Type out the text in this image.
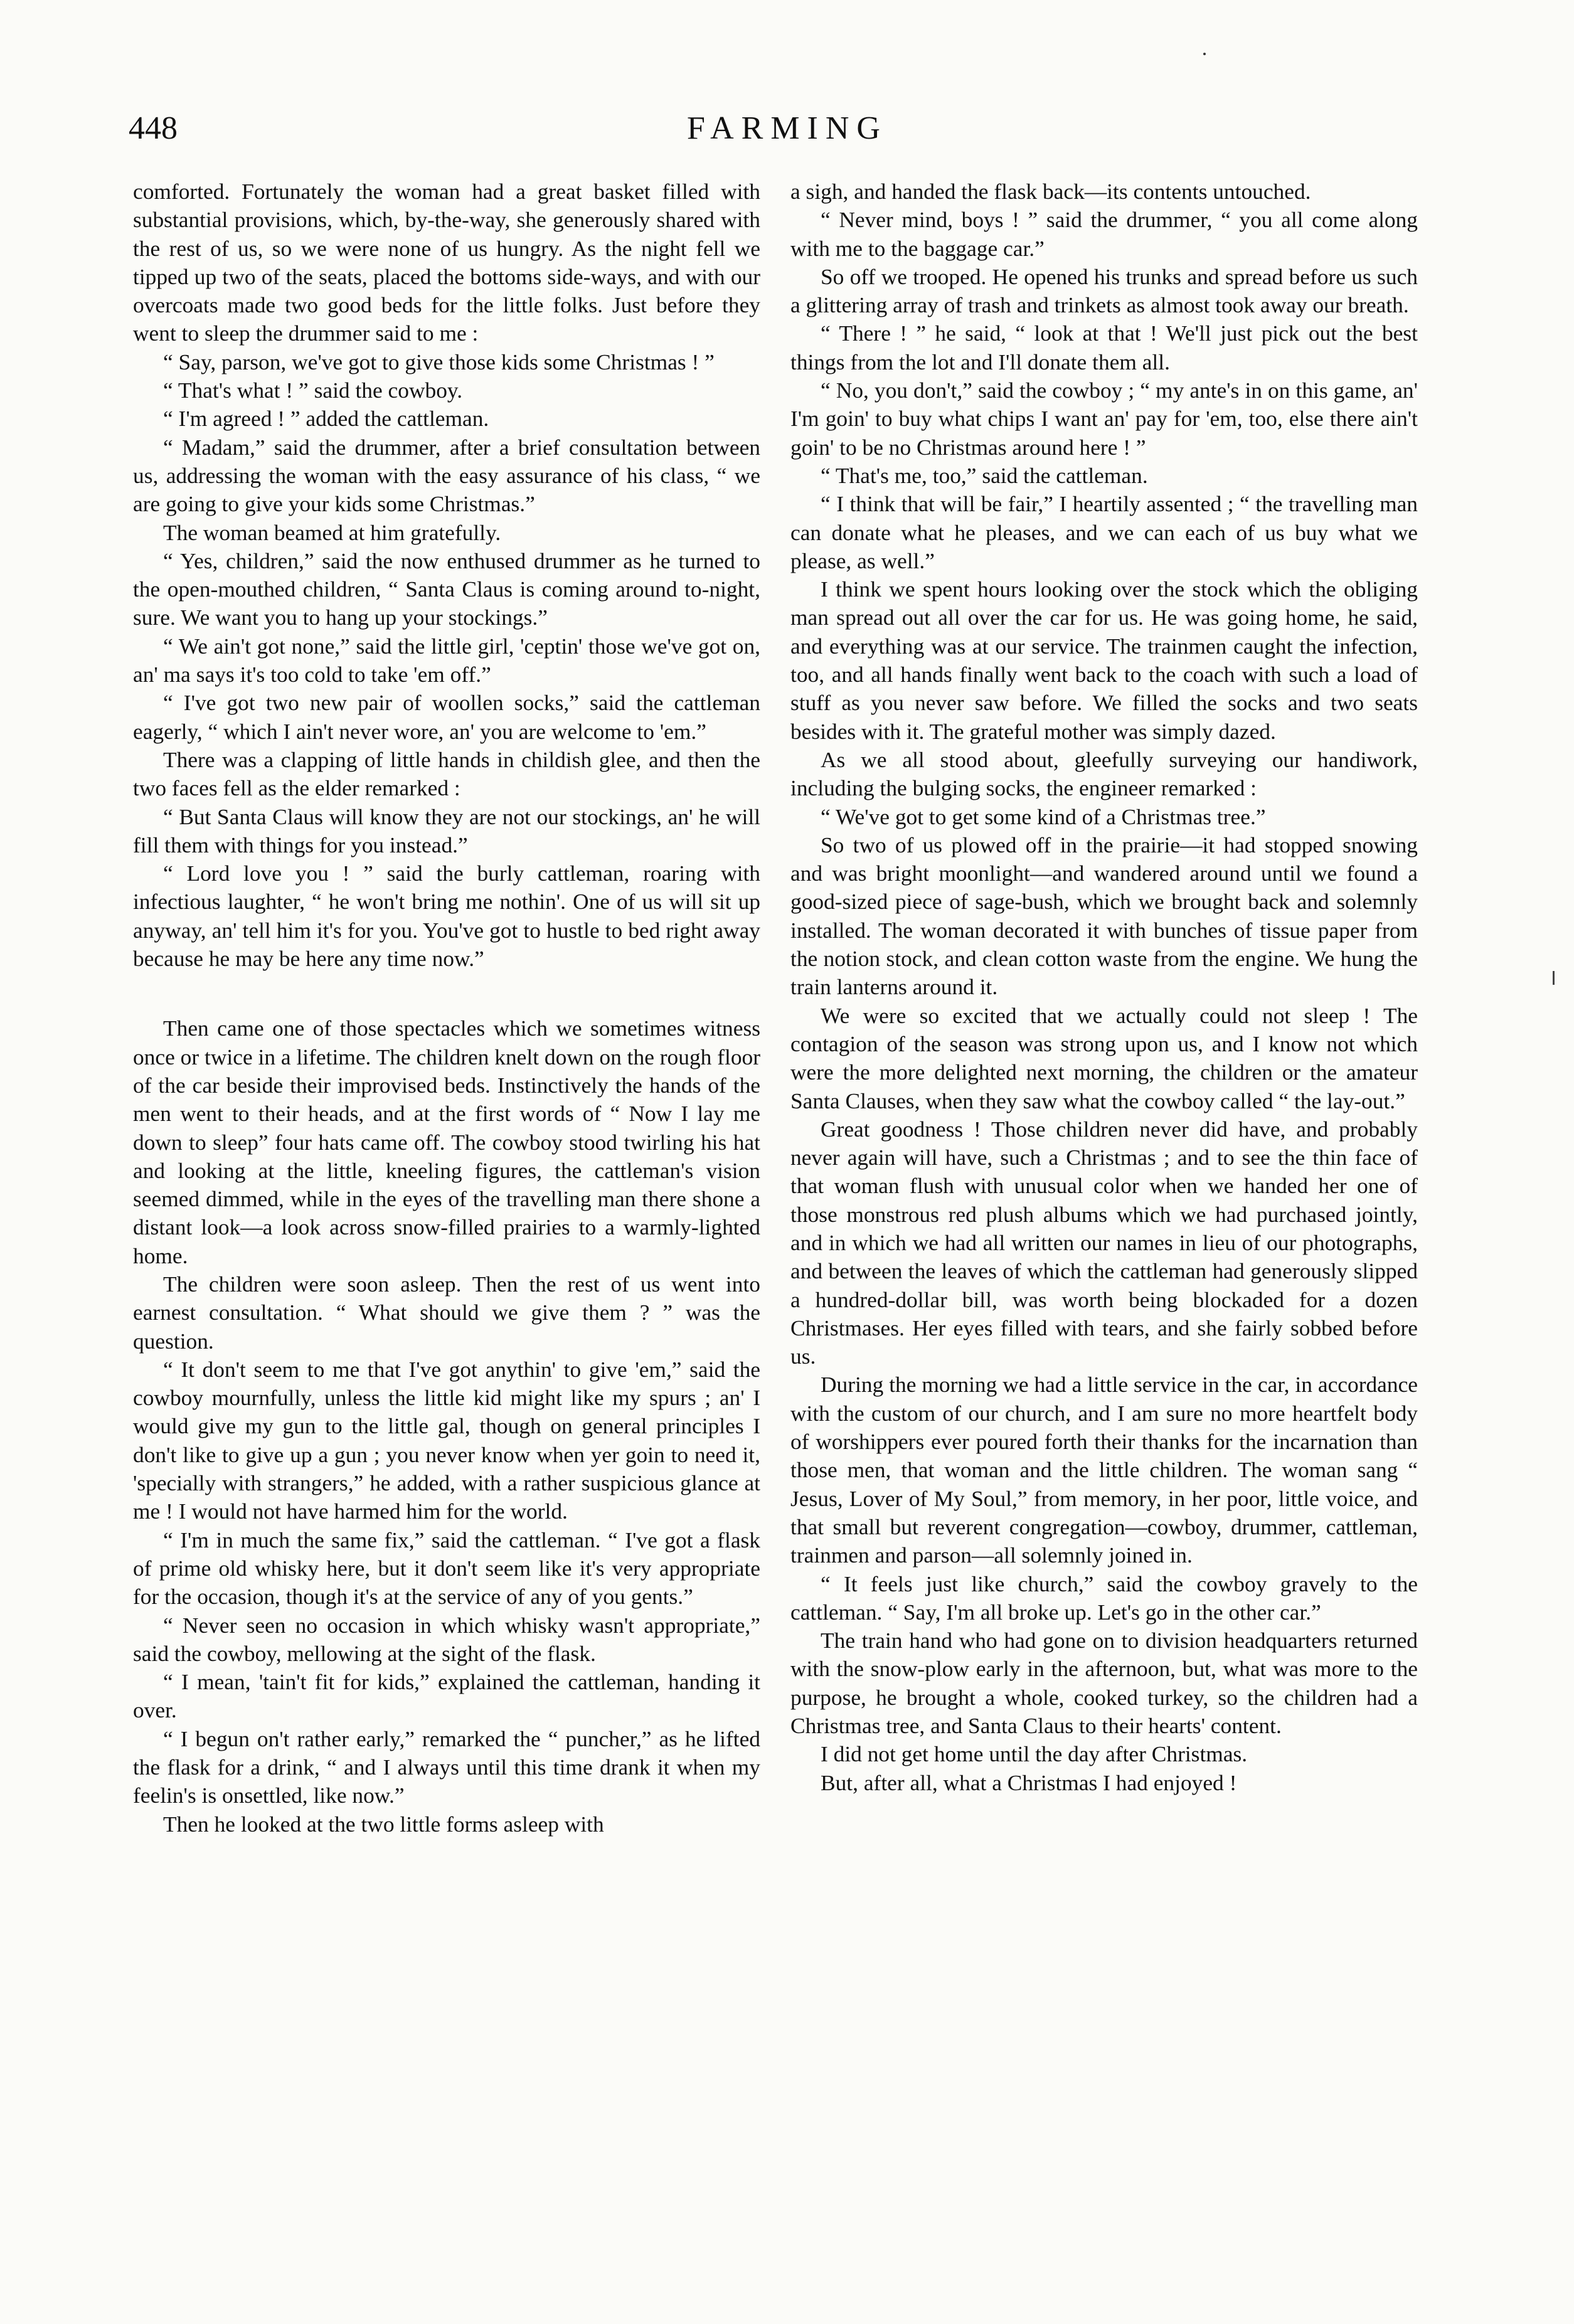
448	FARMING

comforted. Fortunately the woman had a great basket filled with substantial provisions, which, by-the-way, she generously shared with the rest of us, so we were none of us hungry. As the night fell we tipped up two of the seats, placed the bottoms side-ways, and with our overcoats made two good beds for the little folks. Just before they went to sleep the drummer said to me :

“ Say, parson, we've got to give those kids some Christmas ! ”

“ That's what ! ” said the cowboy.

“ I'm agreed ! ” added the cattleman.

“ Madam,” said the drummer, after a brief consultation between us, addressing the woman with the easy assurance of his class, “ we are going to give your kids some Christmas.”

The woman beamed at him gratefully.

“ Yes, children,” said the now enthused drummer as he turned to the open-mouthed children, “ Santa Claus is coming around to-night, sure. We want you to hang up your stockings.”

“ We ain't got none,” said the little girl, 'ceptin' those we've got on, an' ma says it's too cold to take 'em off.”

“ I've got two new pair of woollen socks,” said the cattleman eagerly, “ which I ain't never wore, an' you are welcome to 'em.”

There was a clapping of little hands in childish glee, and then the two faces fell as the elder remarked :

“ But Santa Claus will know they are not our stockings, an' he will fill them with things for you instead.”

“ Lord love you ! ” said the burly cattleman, roaring with infectious laughter, “ he won't bring me nothin'. One of us will sit up anyway, an' tell him it's for you. You've got to hustle to bed right away because he may be here any time now.”

Then came one of those spectacles which we sometimes witness once or twice in a lifetime. The children knelt down on the rough floor of the car beside their improvised beds. Instinctively the hands of the men went to their heads, and at the first words of “ Now I lay me down to sleep” four hats came off. The cowboy stood twirling his hat and looking at the little, kneeling figures, the cattleman's vision seemed dimmed, while in the eyes of the travelling man there shone a distant look—a look across snow-filled prairies to a warmly-lighted home.

The children were soon asleep. Then the rest of us went into earnest consultation. “ What should we give them ? ” was the question.

“ It don't seem to me that I've got anythin' to give 'em,” said the cowboy mournfully, unless the little kid might like my spurs ; an' I would give my gun to the little gal, though on general principles I don't like to give up a gun ; you never know when yer goin to need it, 'specially with strangers,” he added, with a rather suspicious glance at me ! I would not have harmed him for the world.

“ I'm in much the same fix,” said the cattleman. “ I've got a flask of prime old whisky here, but it don't seem like it's very appropriate for the occasion, though it's at the service of any of you gents.”

“ Never seen no occasion in which whisky wasn't appropriate,” said the cowboy, mellowing at the sight of the flask.

“ I mean, 'tain't fit for kids,” explained the cattleman, handing it over.

“ I begun on't rather early,” remarked the “ puncher,” as he lifted the flask for a drink, “ and I always until this time drank it when my feelin's is onsettled, like now.”

Then he looked at the two little forms asleep with

a sigh, and handed the flask back—its contents untouched.

“ Never mind, boys ! ” said the drummer, “ you all come along with me to the baggage car.”

So off we trooped. He opened his trunks and spread before us such a glittering array of trash and trinkets as almost took away our breath.

“ There ! ” he said, “ look at that ! We'll just pick out the best things from the lot and I'll donate them all.

“ No, you don't,” said the cowboy ; “ my ante's in on this game, an' I'm goin' to buy what chips I want an' pay for 'em, too, else there ain't goin' to be no Christmas around here ! ”

“ That's me, too,” said the cattleman.

“ I think that will be fair,” I heartily assented ; “ the travelling man can donate what he pleases, and we can each of us buy what we please, as well.”

I think we spent hours looking over the stock which the obliging man spread out all over the car for us. He was going home, he said, and everything was at our service. The trainmen caught the infection, too, and all hands finally went back to the coach with such a load of stuff as you never saw before. We filled the socks and two seats besides with it. The grateful mother was simply dazed.

As we all stood about, gleefully surveying our handiwork, including the bulging socks, the engineer remarked :

“ We've got to get some kind of a Christmas tree.”

So two of us plowed off in the prairie—it had stopped snowing and was bright moonlight—and wandered around until we found a good-sized piece of sage-bush, which we brought back and solemnly installed. The woman decorated it with bunches of tissue paper from the notion stock, and clean cotton waste from the engine. We hung the train lanterns around it.

We were so excited that we actually could not sleep ! The contagion of the season was strong upon us, and I know not which were the more delighted next morning, the children or the amateur Santa Clauses, when they saw what the cowboy called “ the lay-out.”

Great goodness ! Those children never did have, and probably never again will have, such a Christmas ; and to see the thin face of that woman flush with unusual color when we handed her one of those monstrous red plush albums which we had purchased jointly, and in which we had all written our names in lieu of our photographs, and between the leaves of which the cattleman had generously slipped a hundred-dollar bill, was worth being blockaded for a dozen Christmases. Her eyes filled with tears, and she fairly sobbed before us.

During the morning we had a little service in the car, in accordance with the custom of our church, and I am sure no more heartfelt body of worshippers ever poured forth their thanks for the incarnation than those men, that woman and the little children. The woman sang “ Jesus, Lover of My Soul,” from memory, in her poor, little voice, and that small but reverent congregation—cowboy, drummer, cattleman, trainmen and parson—all solemnly joined in.

“ It feels just like church,” said the cowboy gravely to the cattleman. “ Say, I'm all broke up. Let's go in the other car.”

The train hand who had gone on to division headquarters returned with the snow-plow early in the afternoon, but, what was more to the purpose, he brought a whole, cooked turkey, so the children had a Christmas tree, and Santa Claus to their hearts' content.

I did not get home until the day after Christmas.

But, after all, what a Christmas I had enjoyed !
